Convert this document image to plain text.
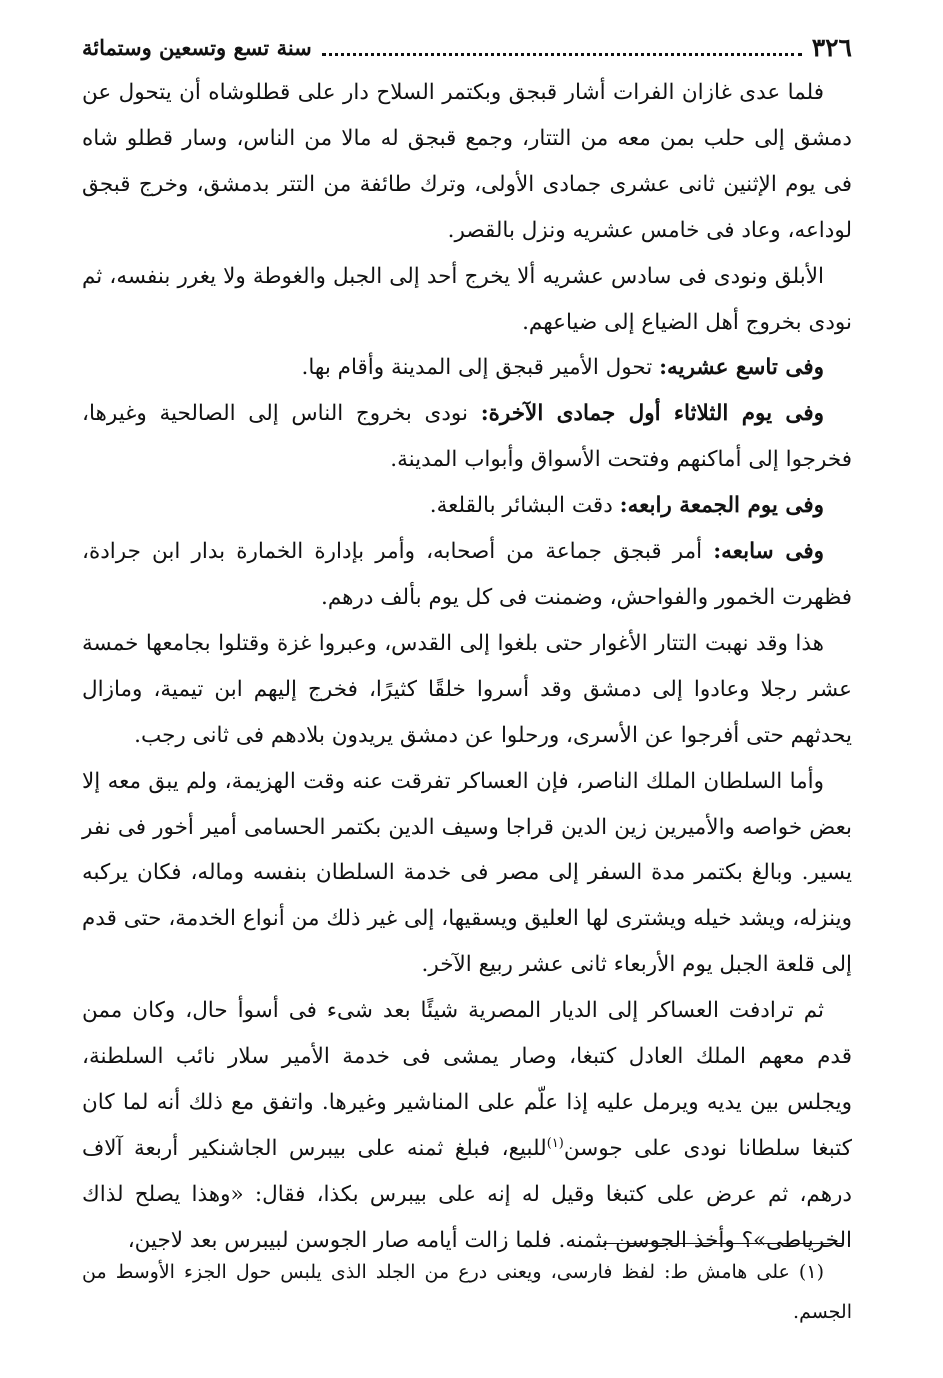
٣٢٦
سنة تسع وتسعين وستمائة

فلما عدى غازان الفرات أشار قبجق وبكتمر السلاح دار على قطلوشاه أن يتحول عن دمشق إلى حلب بمن معه من التتار، وجمع قبجق له مالا من الناس، وسار قطلو شاه فى يوم الإثنين ثانى عشرى جمادى الأولى، وترك طائفة من التتر بدمشق، وخرج قبجق لوداعه، وعاد فى خامس عشريه ونزل بالقصر.

الأبلق ونودى فى سادس عشريه ألا يخرج أحد إلى الجبل والغوطة ولا يغرر بنفسه، ثم نودى بخروج أهل الضياع إلى ضياعهم.

وفى تاسع عشريه: تحول الأمير قبجق إلى المدينة وأقام بها.

وفى يوم الثلاثاء أول جمادى الآخرة: نودى بخروج الناس إلى الصالحية وغيرها، فخرجوا إلى أماكنهم وفتحت الأسواق وأبواب المدينة.

وفى يوم الجمعة رابعه: دقت البشائر بالقلعة.

وفى سابعه: أمر قبجق جماعة من أصحابه، وأمر بإدارة الخمارة بدار ابن جرادة، فظهرت الخمور والفواحش، وضمنت فى كل يوم بألف درهم.

هذا وقد نهبت التتار الأغوار حتى بلغوا إلى القدس، وعبروا غزة وقتلوا بجامعها خمسة عشر رجلا وعادوا إلى دمشق وقد أسروا خلقًا كثيرًا، فخرج إليهم ابن تيمية، ومازال يحدثهم حتى أفرجوا عن الأسرى، ورحلوا عن دمشق يريدون بلادهم فى ثانى رجب.

وأما السلطان الملك الناصر، فإن العساكر تفرقت عنه وقت الهزيمة، ولم يبق معه إلا بعض خواصه والأميرين زين الدين قراجا وسيف الدين بكتمر الحسامى أمير أخور فى نفر يسير. وبالغ بكتمر مدة السفر إلى مصر فى خدمة السلطان بنفسه وماله، فكان يركبه وينزله، ويشد خيله ويشترى لها العليق ويسقيها، إلى غير ذلك من أنواع الخدمة، حتى قدم إلى قلعة الجبل يوم الأربعاء ثانى عشر ربيع الآخر.

ثم ترادفت العساكر إلى الديار المصرية شيئًا بعد شىء فى أسوأ حال، وكان ممن قدم معهم الملك العادل كتبغا، وصار يمشى فى خدمة الأمير سلار نائب السلطنة، ويجلس بين يديه ويرمل عليه إذا علّم على المناشير وغيرها. واتفق مع ذلك أنه لما كان كتبغا سلطانا نودى على جوسن$^{(١)}$للبيع، فبلغ ثمنه على بيبرس الجاشنكير أربعة آلاف درهم، ثم عرض على كتبغا وقيل له إنه على بيبرس بكذا، فقال: «وهذا يصلح لذاك الخرياطى»؟ وأخذ الجوسن بثمنه. فلما زالت أيامه صار الجوسن لبيبرس بعد لاجين،

(١) على هامش ط: لفظ فارسى، ويعنى درع من الجلد الذى يلبس حول الجزء الأوسط من الجسم.
